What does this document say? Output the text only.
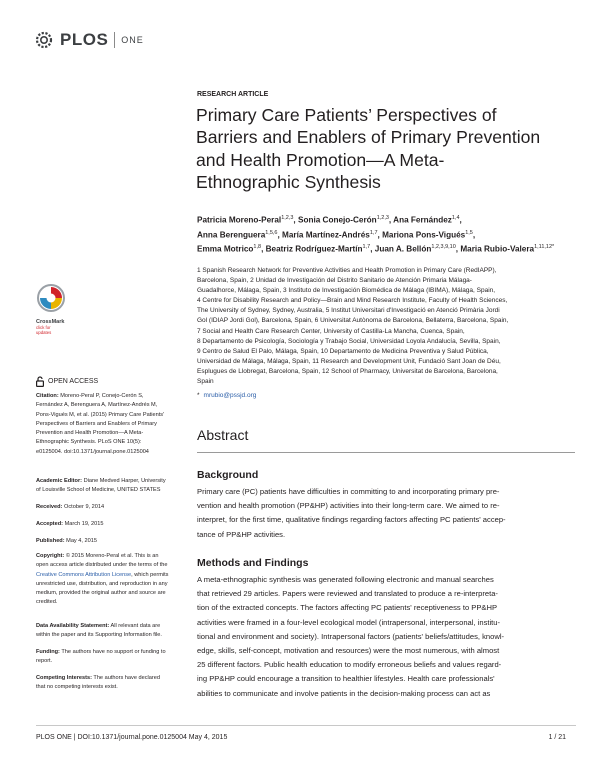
PLOS ONE
RESEARCH ARTICLE
Primary Care Patients’ Perspectives of
Barriers and Enablers of Primary Prevention
and Health Promotion—A Meta-
Ethnographic Synthesis
Patricia Moreno-Peral$^{1,2,3}$, Sonia Conejo-Cerón$^{1,2,3}$, Ana Fernández$^{1,4}$,
Anna Berenguera$^{1,5,6}$, María Martínez-Andrés$^{1,7}$, Mariona Pons-Vigués$^{1,5}$,
Emma Motrico$^{1,8}$, Beatriz Rodríguez-Martín$^{1,7}$, Juan A. Bellón$^{1,2,3,9,10}$, Maria Rubio-Valera$^{1,11,12*}$
1 Spanish Research Network for Preventive Activities and Health Promotion in Primary Care (RedIAPP),
Barcelona, Spain, 2 Unidad de Investigación del Distrito Sanitario de Atención Primaria Málaga-
Guadalhorce, Málaga, Spain, 3 Instituto de Investigación Biomédica de Málaga (IBIMA), Málaga, Spain,
4 Centre for Disability Research and Policy—Brain and Mind Research Institute, Faculty of Health Sciences,
The University of Sydney, Sydney, Australia, 5 Institut Universitari d'Investigació en Atenció Primària Jordi
Gol (IDIAP Jordi Gol), Barcelona, Spain, 6 Universitat Autònoma de Barcelona, Bellaterra, Barcelona, Spain,
7 Social and Health Care Research Center, University of Castilla-La Mancha, Cuenca, Spain,
8 Departamento de Psicología, Sociología y Trabajo Social, Universidad Loyola Andalucía, Sevilla, Spain,
9 Centro de Salud El Palo, Málaga, Spain, 10 Departamento de Medicina Preventiva y Salud Pública,
Universidad de Málaga, Málaga, Spain, 11 Research and Development Unit, Fundació Sant Joan de Déu,
Esplugues de Llobregat, Barcelona, Spain, 12 School of Pharmacy, Universitat de Barcelona, Barcelona,
Spain
* mrubio@pssjd.org
Abstract
Background
Primary care (PC) patients have difficulties in committing to and incorporating primary pre-
vention and health promotion (PP&HP) activities into their long-term care. We aimed to re-
interpret, for the first time, qualitative findings regarding factors affecting PC patients' accep-
tance of PP&HP activities.
Methods and Findings
A meta-ethnographic synthesis was generated following electronic and manual searches
that retrieved 29 articles. Papers were reviewed and translated to produce a re-interpreta-
tion of the extracted concepts. The factors affecting PC patients' receptiveness to PP&HP
activities were framed in a four-level ecological model (intrapersonal, interpersonal, institu-
tional and environment and society). Intrapersonal factors (patients' beliefs/attitudes, knowl-
edge, skills, self-concept, motivation and resources) were the most numerous, with almost
25 different factors. Public health education to modify erroneous beliefs and values regard-
ing PP&HP could encourage a transition to healthier lifestyles. Health care professionals'
abilities to communicate and involve patients in the decision-making process can act as
CrossMark
click for updates
OPEN ACCESS
Citation: Moreno-Peral P, Conejo-Cerón S,
Fernández A, Berenguera A, Martínez-Andrés M,
Pons-Vigués M, et al. (2015) Primary Care Patients'
Perspectives of Barriers and Enablers of Primary
Prevention and Health Promotion—A Meta-
Ethnographic Synthesis. PLoS ONE 10(5):
e0125004. doi:10.1371/journal.pone.0125004
Academic Editor: Diane Medved Harper, University
of Louisville School of Medicine, UNITED STATES
Received: October 9, 2014
Accepted: March 19, 2015
Published: May 4, 2015
Copyright: © 2015 Moreno-Peral et al. This is an
open access article distributed under the terms of the
Creative Commons Attribution License, which permits
unrestricted use, distribution, and reproduction in any
medium, provided the original author and source are
credited.
Data Availability Statement: All relevant data are
within the paper and its Supporting Information file.
Funding: The authors have no support or funding to
report.
Competing Interests: The authors have declared
that no competing interests exist.
PLOS ONE | DOI:10.1371/journal.pone.0125004 May 4, 2015	1 / 21
